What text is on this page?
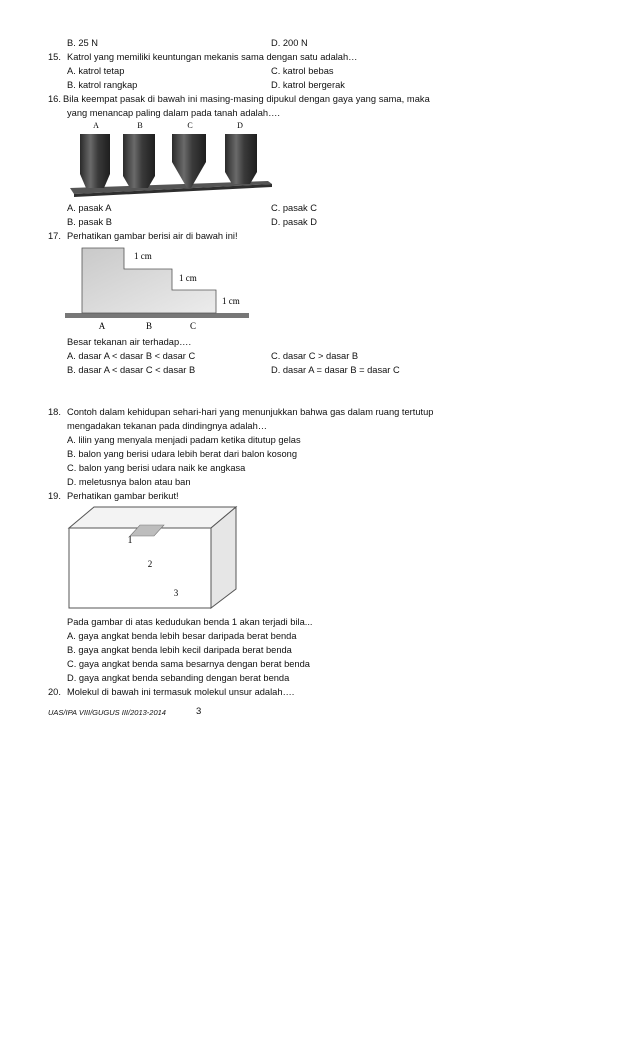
B. 25 N	D. 200 N
15. Katrol yang memiliki keuntungan mekanis sama dengan satu adalah…
A. katrol tetap	C. katrol bebas
B. katrol rangkap	D. katrol bergerak
16. Bila keempat pasak di bawah ini masing-masing dipukul dengan gaya yang sama, maka
yang menancap paling dalam pada tanah adalah….
A	B	C	D
A. pasak A	C. pasak C
B. pasak B	D. pasak D
17. Perhatikan gambar berisi air di bawah ini!
1 cm
1 cm
1 cm
A	B	C
Besar tekanan air terhadap….
A. dasar A < dasar B < dasar C	C. dasar C > dasar B
B. dasar A < dasar C < dasar B	D. dasar A = dasar B = dasar C
18. Contoh dalam kehidupan sehari-hari yang menunjukkan bahwa gas dalam ruang tertutup
mengadakan tekanan pada dindingnya adalah…
A. lilin yang menyala menjadi padam ketika ditutup gelas
B. balon yang berisi udara lebih berat dari balon kosong
C. balon yang berisi udara naik ke angkasa
D. meletusnya balon atau ban
19. Perhatikan gambar berikut!
1
2
3
Pada gambar di atas kedudukan benda 1 akan terjadi bila...
A. gaya angkat benda lebih besar daripada berat benda
B. gaya angkat benda lebih kecil daripada berat benda
C. gaya angkat benda sama besarnya dengan berat benda
D. gaya angkat benda sebanding dengan berat benda
20. Molekul di bawah ini termasuk molekul unsur adalah….
UAS/IPA VIII/GUGUS III/2013-2014	3
